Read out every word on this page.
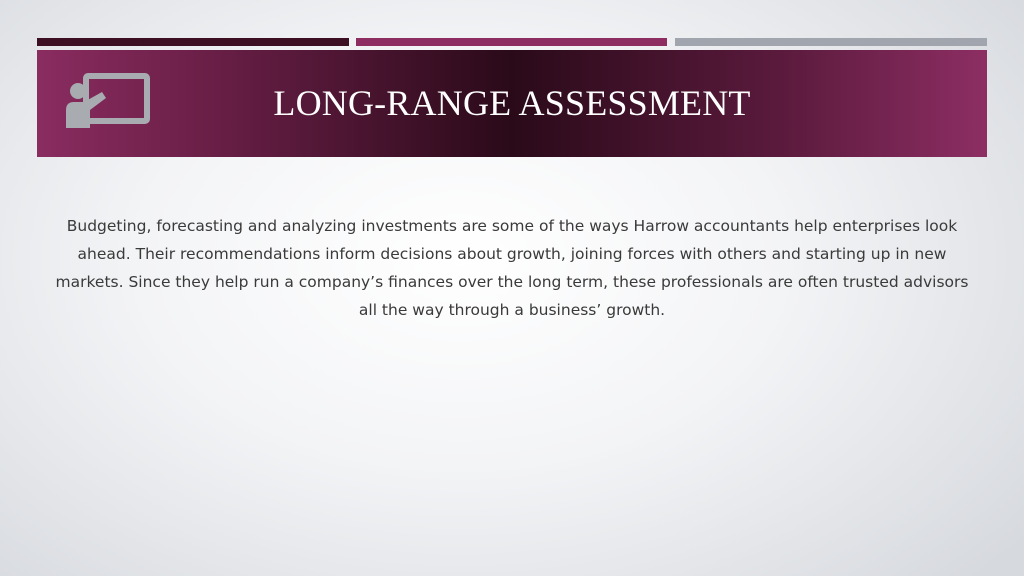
LONG-RANGE ASSESSMENT

Budgeting, forecasting and analyzing investments are some of the ways Harrow accountants help enterprises look ahead. Their recommendations inform decisions about growth, joining forces with others and starting up in new markets. Since they help run a company’s finances over the long term, these professionals are often trusted advisors all the way through a business’ growth.
